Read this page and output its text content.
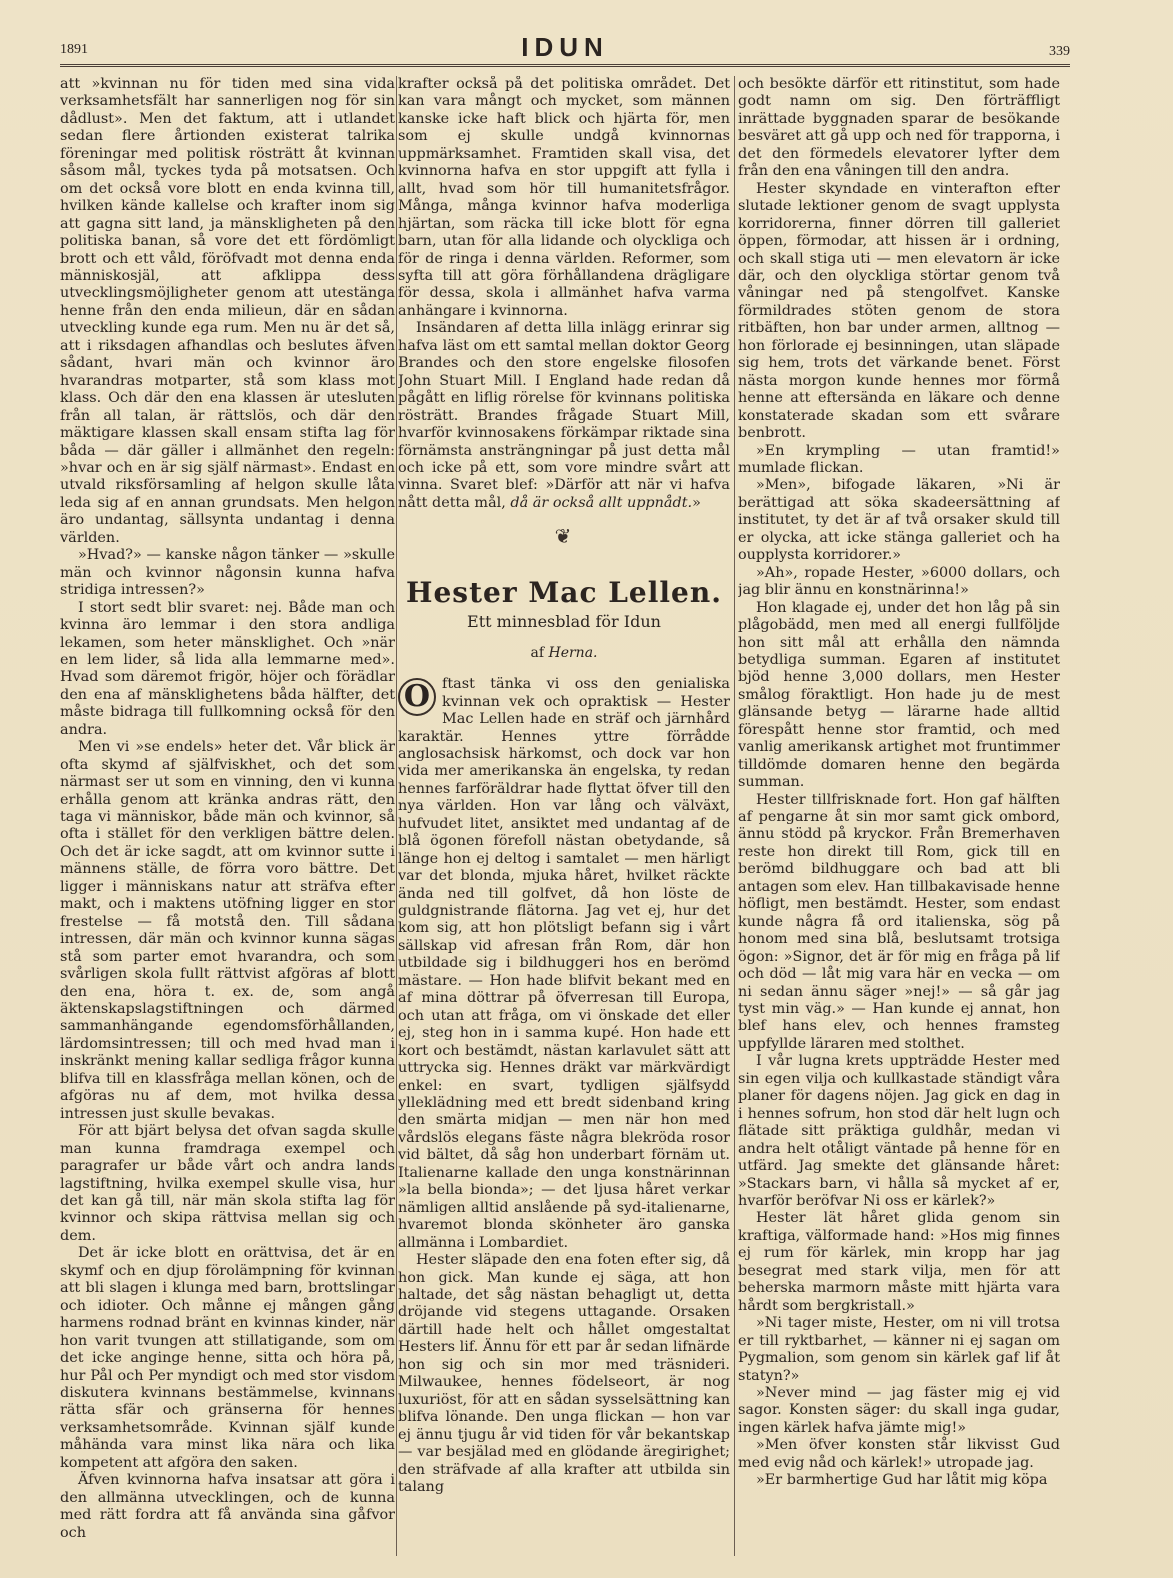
1891	IDUN	339

att »kvinnan nu för tiden med sina vida verksamhetsfält har sannerligen nog för sin dådlust». Men det faktum, att i utlandet sedan flere årtionden existerat talrika föreningar med politisk rösträtt åt kvinnan såsom mål, tyckes tyda på motsatsen. Och om det också vore blott en enda kvinna till, hvilken kände kallelse och krafter inom sig att gagna sitt land, ja mänskligheten på den politiska banan, så vore det ett fördömligt brott och ett våld, föröfvadt mot denna enda människosjäl, att afklippa dess utvecklingsmöjligheter genom att utestänga henne från den enda milieun, där en sådan utveckling kunde ega rum. Men nu är det så, att i riksdagen afhandlas och beslutes äfven sådant, hvari män och kvinnor äro hvarandras motparter, stå som klass mot klass. Och där den ena klassen är utesluten från all talan, är rättslös, och där den mäktigare klassen skall ensam stifta lag för båda — där gäller i allmänhet den regeln: »hvar och en är sig själf närmast». Endast en utvald riksförsamling af helgon skulle låta leda sig af en annan grundsats. Men helgon äro undantag, sällsynta undantag i denna världen.

»Hvad?» — kanske någon tänker — »skulle män och kvinnor någonsin kunna hafva stridiga intressen?»

I stort sedt blir svaret: nej. Både man och kvinna äro lemmar i den stora andliga lekamen, som heter mänsklighet. Och »när en lem lider, så lida alla lemmarne med». Hvad som däremot frigör, höjer och förädlar den ena af mänsklighetens båda hälfter, det måste bidraga till fullkomning också för den andra.

Men vi »se endels» heter det. Vår blick är ofta skymd af själfviskhet, och det som närmast ser ut som en vinning, den vi kunna erhålla genom att kränka andras rätt, den taga vi människor, både män och kvinnor, så ofta i stället för den verkligen bättre delen. Och det är icke sagdt, att om kvinnor sutte i männens ställe, de förra voro bättre. Det ligger i människans natur att sträfva efter makt, och i maktens utöfning ligger en stor frestelse — få motstå den. Till sådana intressen, där män och kvinnor kunna sägas stå som parter emot hvarandra, och som svårligen skola fullt rättvist afgöras af blott den ena, höra t. ex. de, som angå äktenskapslagstiftningen och därmed sammanhängande egendomsförhållanden, lärdomsintressen; till och med hvad man i inskränkt mening kallar sedliga frågor kunna blifva till en klassfråga mellan könen, och de afgöras nu af dem, mot hvilka dessa intressen just skulle bevakas.

För att bjärt belysa det ofvan sagda skulle man kunna framdraga exempel och paragrafer ur både vårt och andra lands lagstiftning, hvilka exempel skulle visa, hur det kan gå till, när män skola stifta lag för kvinnor och skipa rättvisa mellan sig och dem.

Det är icke blott en orättvisa, det är en skymf och en djup förolämpning för kvinnan att bli slagen i klunga med barn, brottslingar och idioter. Och månne ej mången gång harmens rodnad bränt en kvinnas kinder, när hon varit tvungen att stillatigande, som om det icke anginge henne, sitta och höra på, hur Pål och Per myndigt och med stor visdom diskutera kvinnans bestämmelse, kvinnans rätta sfär och gränserna för hennes verksamhetsområde. Kvinnan själf kunde måhända vara minst lika nära och lika kompetent att afgöra den saken.

Äfven kvinnorna hafva insatsar att göra i den allmänna utvecklingen, och de kunna med rätt fordra att få använda sina gåfvor och

krafter också på det politiska området. Det kan vara mångt och mycket, som männen kanske icke haft blick och hjärta för, men som ej skulle undgå kvinnornas uppmärksamhet. Framtiden skall visa, det kvinnorna hafva en stor uppgift att fylla i allt, hvad som hör till humanitetsfrågor. Många, många kvinnor hafva moderliga hjärtan, som räcka till icke blott för egna barn, utan för alla lidande och olyckliga och för de ringa i denna världen. Reformer, som syfta till att göra förhållandena drägligare för dessa, skola i allmänhet hafva varma anhängare i kvinnorna.

Insändaren af detta lilla inlägg erinrar sig hafva läst om ett samtal mellan doktor Georg Brandes och den store engelske filosofen John Stuart Mill. I England hade redan då pågått en liflig rörelse för kvinnans politiska rösträtt. Brandes frågade Stuart Mill, hvarför kvinnosakens förkämpar riktade sina förnämsta ansträngningar på just detta mål och icke på ett, som vore mindre svårt att vinna. Svaret blef: »Därför att när vi hafva nått detta mål, då är också allt uppnådt.»

❦
Hester Mac Lellen.
Ett minnesblad för Idun
af Herna.

O ftast tänka vi oss den genialiska kvinnan vek och opraktisk — Hester Mac Lellen hade en sträf och järnhård karaktär. Hennes yttre förrådde anglosachsisk härkomst, och dock var hon vida mer amerikanska än engelska, ty redan hennes farföräldrar hade flyttat öfver till den nya världen. Hon var lång och välväxt, hufvudet litet, ansiktet med undantag af de blå ögonen förefoll nästan obetydande, så länge hon ej deltog i samtalet — men härligt var det blonda, mjuka håret, hvilket räckte ända ned till golfvet, då hon löste de guldgnistrande flätorna. Jag vet ej, hur det kom sig, att hon plötsligt befann sig i vårt sällskap vid afresan från Rom, där hon utbildade sig i bildhuggeri hos en berömd mästare. — Hon hade blifvit bekant med en af mina döttrar på öfverresan till Europa, och utan att fråga, om vi önskade det eller ej, steg hon in i samma kupé. Hon hade ett kort och bestämdt, nästan karlavulet sätt att uttrycka sig. Hennes dräkt var märkvärdigt enkel: en svart, tydligen själfsydd ylleklädning med ett bredt sidenband kring den smärta midjan — men när hon med vårdslös elegans fäste några blekröda rosor vid bältet, då såg hon underbart förnäm ut. Italienarne kallade den unga konstnärinnan »la bella bionda»; — det ljusa håret verkar nämligen alltid anslående på syd-italienarne, hvaremot blonda skönheter äro ganska allmänna i Lombardiet.

Hester släpade den ena foten efter sig, då hon gick. Man kunde ej säga, att hon haltade, det såg nästan behagligt ut, detta dröjande vid stegens uttagande. Orsaken därtill hade helt och hållet omgestaltat Hesters lif. Ännu för ett par år sedan lifnärde hon sig och sin mor med träsnideri. Milwaukee, hennes födelseort, är nog luxuriöst, för att en sådan sysselsättning kan blifva lönande. Den unga flickan — hon var ej ännu tjugu år vid tiden för vår bekantskap — var besjälad med en glödande äregirighet; den sträfvade af alla krafter att utbilda sin talang

och besökte därför ett ritinstitut, som hade godt namn om sig. Den förträffligt inrättade byggnaden sparar de besökande besväret att gå upp och ned för trapporna, i det den förmedels elevatorer lyfter dem från den ena våningen till den andra.

Hester skyndade en vinterafton efter slutade lektioner genom de svagt upplysta korridorerna, finner dörren till galleriet öppen, förmodar, att hissen är i ordning, och skall stiga uti — men elevatorn är icke där, och den olyckliga störtar genom två våningar ned på stengolfvet. Kanske förmildrades stöten genom de stora ritbäften, hon bar under armen, alltnog — hon förlorade ej besinningen, utan släpade sig hem, trots det värkande benet. Först nästa morgon kunde hennes mor förmå henne att eftersända en läkare och denne konstaterade skadan som ett svårare benbrott.

»En krympling — utan framtid!» mumlade flickan.

»Men», bifogade läkaren, »Ni är berättigad att söka skadeersättning af institutet, ty det är af två orsaker skuld till er olycka, att icke stänga galleriet och ha oupplysta korridorer.»

»Ah», ropade Hester, »6000 dollars, och jag blir ännu en konstnärinna!»

Hon klagade ej, under det hon låg på sin plågobädd, men med all energi fullföljde hon sitt mål att erhålla den nämnda betydliga summan. Egaren af institutet bjöd henne 3,000 dollars, men Hester smålog föraktligt. Hon hade ju de mest glänsande betyg — lärarne hade alltid förespått henne stor framtid, och med vanlig amerikansk artighet mot fruntimmer tilldömde domaren henne den begärda summan.

Hester tillfrisknade fort. Hon gaf hälften af pengarne åt sin mor samt gick ombord, ännu stödd på kryckor. Från Bremerhaven reste hon direkt till Rom, gick till en berömd bildhuggare och bad att bli antagen som elev. Han tillbakavisade henne höfligt, men bestämdt. Hester, som endast kunde några få ord italienska, sög på honom med sina blå, beslutsamt trotsiga ögon: »Signor, det är för mig en fråga på lif och död — låt mig vara här en vecka — om ni sedan ännu säger »nej!» — så går jag tyst min väg.» — Han kunde ej annat, hon blef hans elev, och hennes framsteg uppfyllde läraren med stolthet.

I vår lugna krets uppträdde Hester med sin egen vilja och kullkastade ständigt våra planer för dagens nöjen. Jag gick en dag in i hennes sofrum, hon stod där helt lugn och flätade sitt präktiga guldhår, medan vi andra helt otåligt väntade på henne för en utfärd. Jag smekte det glänsande håret: »Stackars barn, vi hålla så mycket af er, hvarför beröfvar Ni oss er kärlek?»

Hester lät håret glida genom sin kraftiga, välformade hand: »Hos mig finnes ej rum för kärlek, min kropp har jag besegrat med stark vilja, men för att beherska marmorn måste mitt hjärta vara hårdt som bergkristall.»

»Ni tager miste, Hester, om ni vill trotsa er till ryktbarhet, — känner ni ej sagan om Pygmalion, som genom sin kärlek gaf lif åt statyn?»

»Never mind — jag fäster mig ej vid sagor. Konsten säger: du skall inga gudar, ingen kärlek hafva jämte mig!»

»Men öfver konsten står likvisst Gud med evig nåd och kärlek!» utropade jag.

»Er barmhertige Gud har låtit mig köpa
